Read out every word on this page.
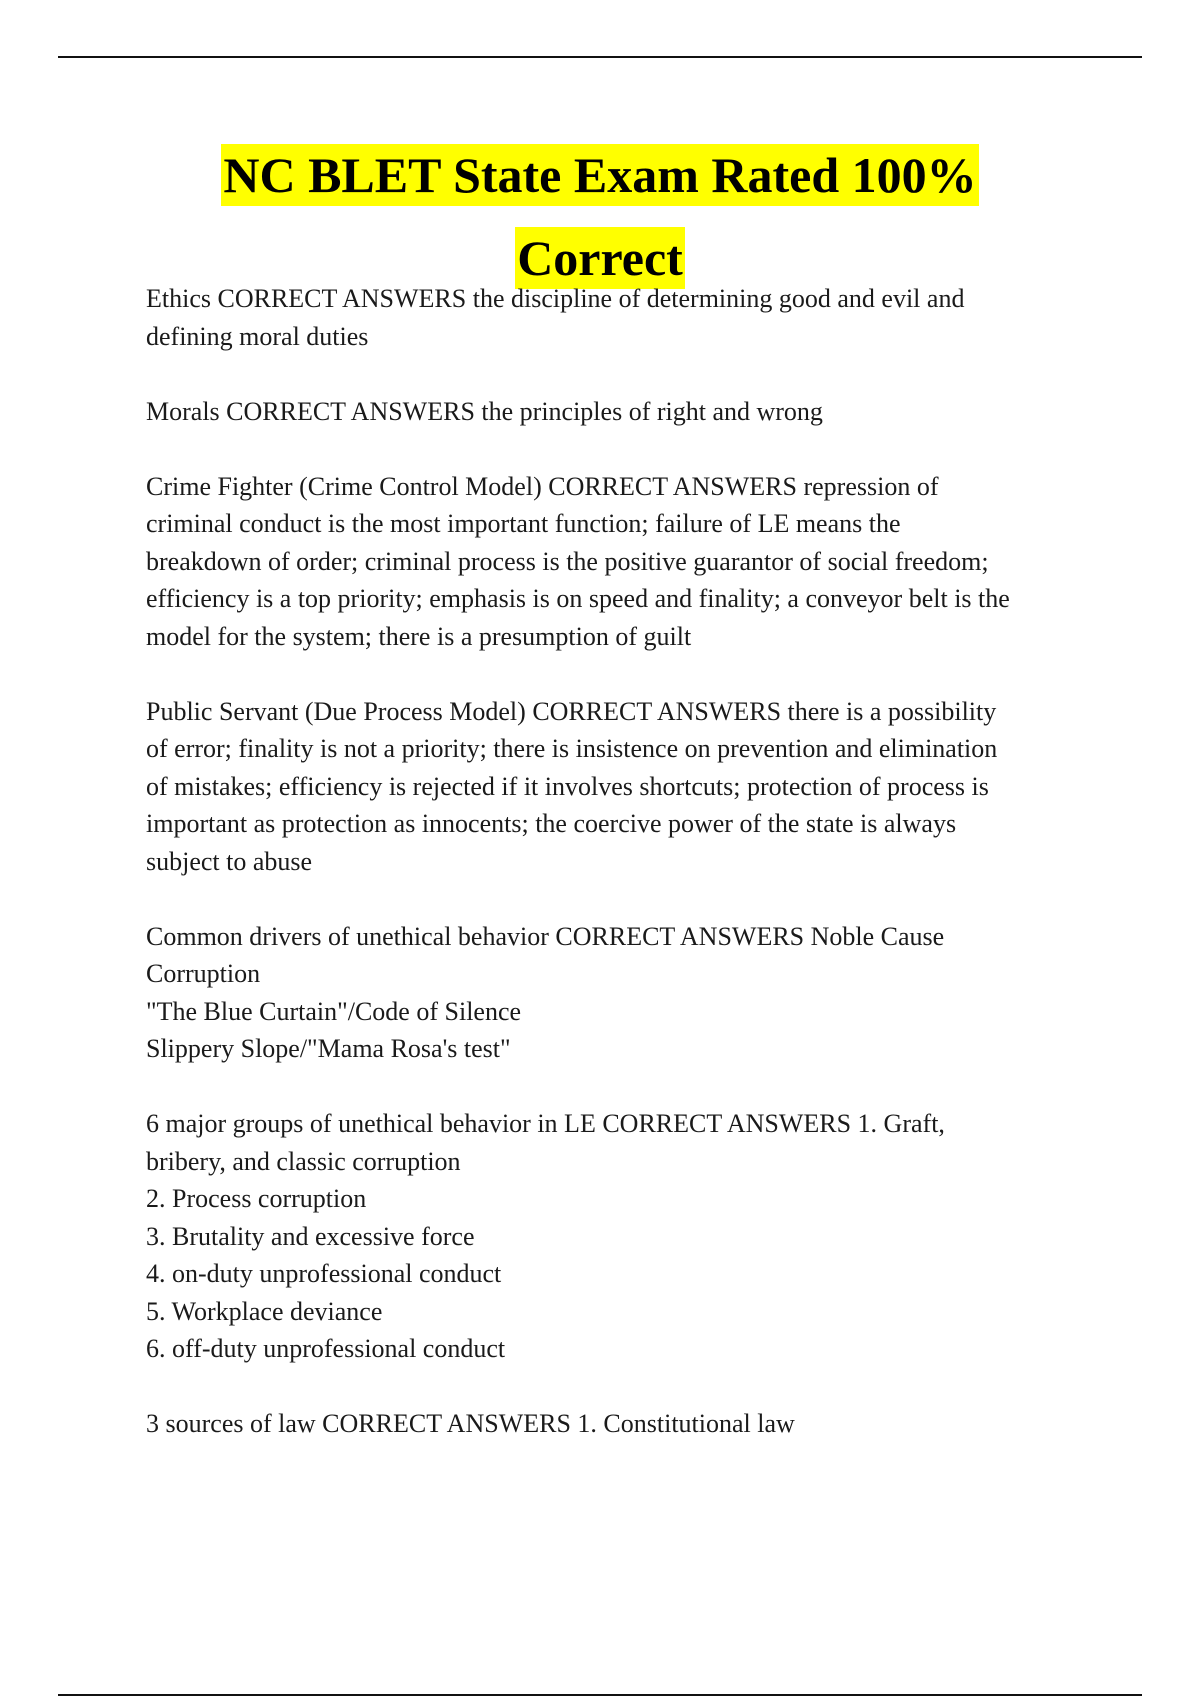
NC BLET State Exam Rated 100%
Correct
Ethics CORRECT ANSWERS the discipline of determining good and evil and
defining moral duties
Morals CORRECT ANSWERS the principles of right and wrong
Crime Fighter (Crime Control Model) CORRECT ANSWERS repression of
criminal conduct is the most important function; failure of LE means the
breakdown of order; criminal process is the positive guarantor of social freedom;
efficiency is a top priority; emphasis is on speed and finality; a conveyor belt is the
model for the system; there is a presumption of guilt
Public Servant (Due Process Model) CORRECT ANSWERS there is a possibility
of error; finality is not a priority; there is insistence on prevention and elimination
of mistakes; efficiency is rejected if it involves shortcuts; protection of process is
important as protection as innocents; the coercive power of the state is always
subject to abuse
Common drivers of unethical behavior CORRECT ANSWERS Noble Cause
Corruption
"The Blue Curtain"/Code of Silence
Slippery Slope/"Mama Rosa's test"
6 major groups of unethical behavior in LE CORRECT ANSWERS 1. Graft,
bribery, and classic corruption
2. Process corruption
3. Brutality and excessive force
4. on-duty unprofessional conduct
5. Workplace deviance
6. off-duty unprofessional conduct
3 sources of law CORRECT ANSWERS 1. Constitutional law
